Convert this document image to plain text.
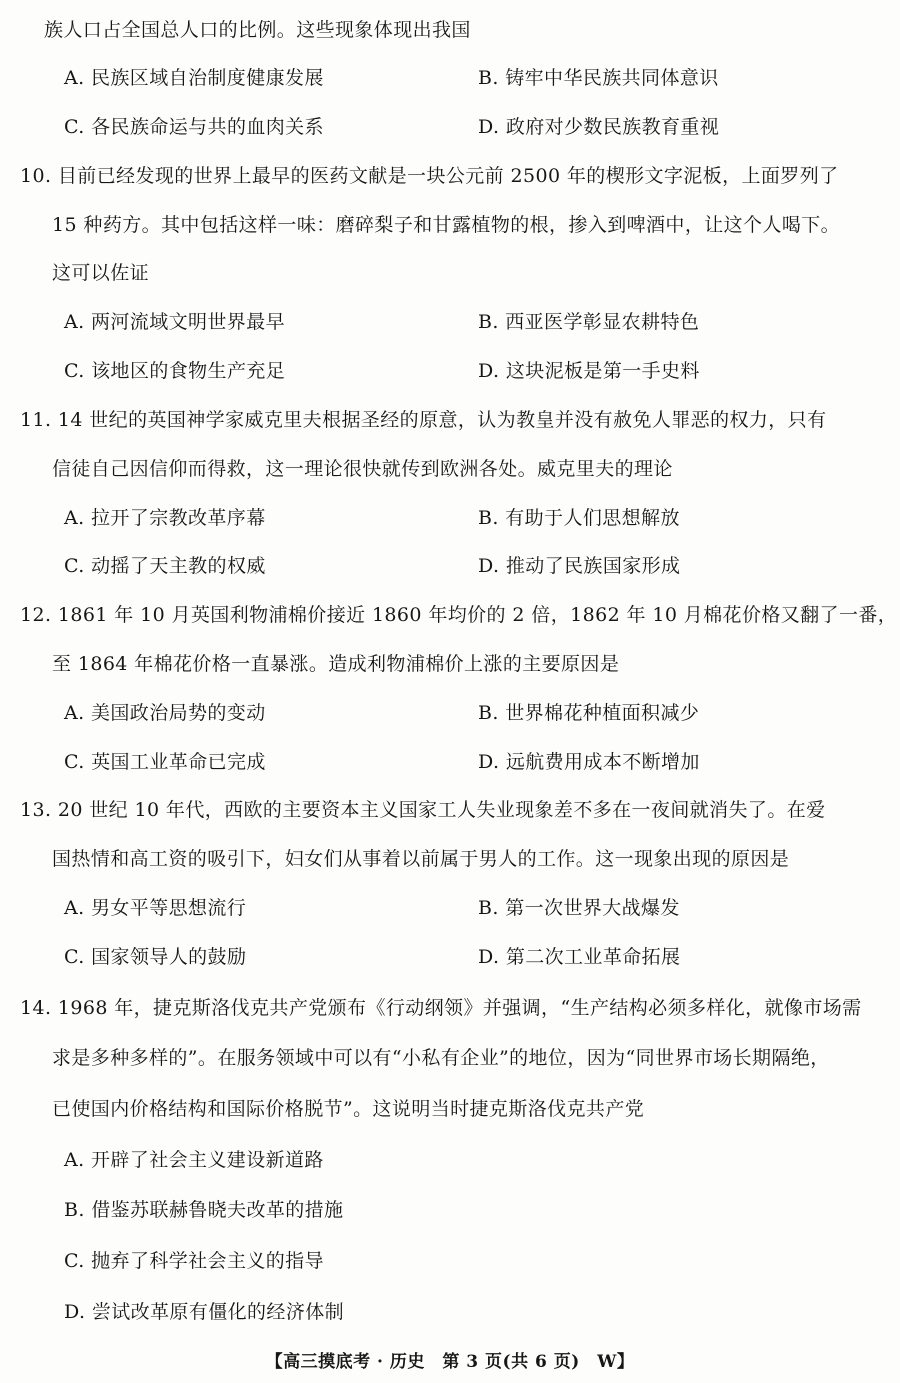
族人口占全国总人口的比例。这些现象体现出我国
A. 民族区域自治制度健康发展	B. 铸牢中华民族共同体意识
C. 各民族命运与共的血肉关系	D. 政府对少数民族教育重视
10. 目前已经发现的世界上最早的医药文献是一块公元前 2500 年的楔形文字泥板，上面罗列了
15 种药方。其中包括这样一味：磨碎梨子和甘露植物的根，掺入到啤酒中，让这个人喝下。
这可以佐证
A. 两河流域文明世界最早	B. 西亚医学彰显农耕特色
C. 该地区的食物生产充足	D. 这块泥板是第一手史料
11. 14 世纪的英国神学家威克里夫根据圣经的原意，认为教皇并没有赦免人罪恶的权力，只有
信徒自己因信仰而得救，这一理论很快就传到欧洲各处。威克里夫的理论
A. 拉开了宗教改革序幕	B. 有助于人们思想解放
C. 动摇了天主教的权威	D. 推动了民族国家形成
12. 1861 年 10 月英国利物浦棉价接近 1860 年均价的 2 倍，1862 年 10 月棉花价格又翻了一番，
至 1864 年棉花价格一直暴涨。造成利物浦棉价上涨的主要原因是
A. 美国政治局势的变动	B. 世界棉花种植面积减少
C. 英国工业革命已完成	D. 远航费用成本不断增加
13. 20 世纪 10 年代，西欧的主要资本主义国家工人失业现象差不多在一夜间就消失了。在爱
国热情和高工资的吸引下，妇女们从事着以前属于男人的工作。这一现象出现的原因是
A. 男女平等思想流行	B. 第一次世界大战爆发
C. 国家领导人的鼓励	D. 第二次工业革命拓展
14. 1968 年，捷克斯洛伐克共产党颁布《行动纲领》并强调，“生产结构必须多样化，就像市场需
求是多种多样的”。在服务领域中可以有“小私有企业”的地位，因为“同世界市场长期隔绝，
已使国内价格结构和国际价格脱节”。这说明当时捷克斯洛伐克共产党
A. 开辟了社会主义建设新道路
B. 借鉴苏联赫鲁晓夫改革的措施
C. 抛弃了科学社会主义的指导
D. 尝试改革原有僵化的经济体制
【高三摸底考 · 历史　第 3 页(共 6 页)　W】
